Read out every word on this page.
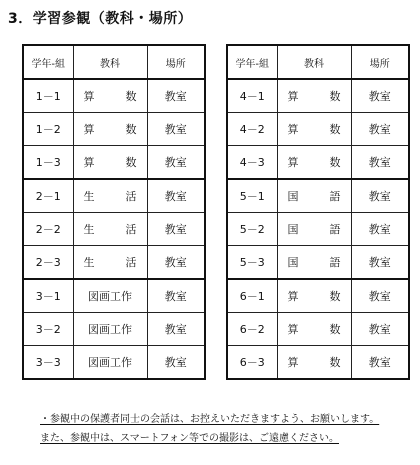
3．学習参観（教科・場所）
学年-組	教科	場所
1－1	算　数	教室
1－2	算　数	教室
1－3	算　数	教室
2－1	生　活	教室
2－2	生　活	教室
2－3	生　活	教室
3－1	図画工作	教室
3－2	図画工作	教室
3－3	図画工作	教室
学年-組	教科	場所
4－1	算　数	教室
4－2	算　数	教室
4－3	算　数	教室
5－1	国　語	教室
5－2	国　語	教室
5－3	国　語	教室
6－1	算　数	教室
6－2	算　数	教室
6－3	算　数	教室
・参観中の保護者同士の会話は、お控えいただきますよう、お願いします。
また、参観中は、スマートフォン等での撮影は、ご遠慮ください。
